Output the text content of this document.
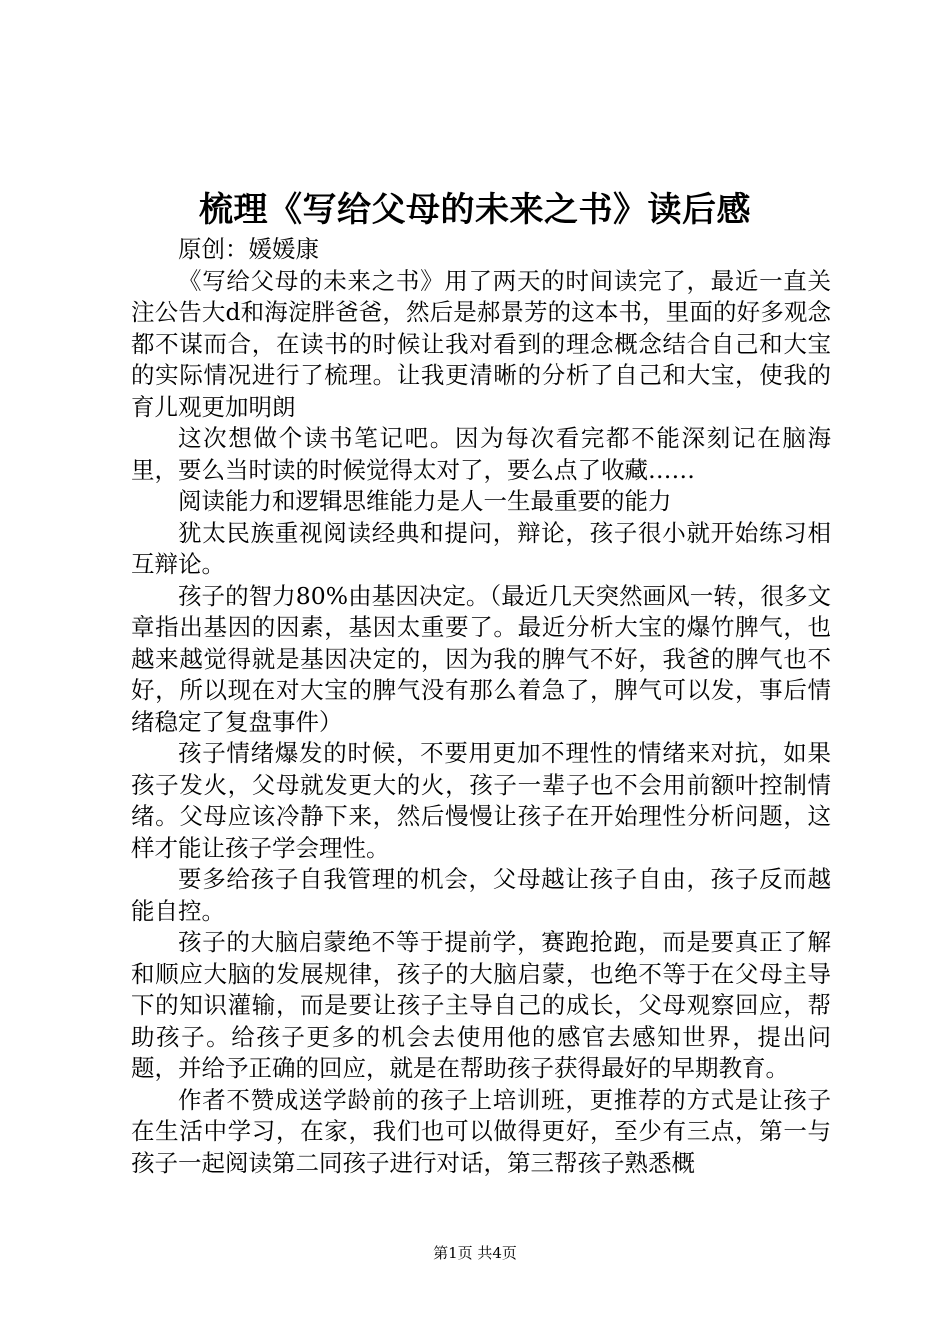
梳理《写给父母的未来之书》读后感

原创：媛媛康

《写给父母的未来之书》用了两天的时间读完了，最近一直关注公告大d和海淀胖爸爸，然后是郝景芳的这本书，里面的好多观念都不谋而合，在读书的时候让我对看到的理念概念结合自己和大宝的实际情况进行了梳理。让我更清晰的分析了自己和大宝，使我的育儿观更加明朗

这次想做个读书笔记吧。因为每次看完都不能深刻记在脑海里，要么当时读的时候觉得太对了，要么点了收藏……

阅读能力和逻辑思维能力是人一生最重要的能力

犹太民族重视阅读经典和提问，辩论，孩子很小就开始练习相互辩论。

孩子的智力80%由基因决定。（最近几天突然画风一转，很多文章指出基因的因素，基因太重要了。最近分析大宝的爆竹脾气，也越来越觉得就是基因决定的，因为我的脾气不好，我爸的脾气也不好，所以现在对大宝的脾气没有那么着急了，脾气可以发，事后情绪稳定了复盘事件）

孩子情绪爆发的时候，不要用更加不理性的情绪来对抗，如果孩子发火，父母就发更大的火，孩子一辈子也不会用前额叶控制情绪。父母应该冷静下来，然后慢慢让孩子在开始理性分析问题，这样才能让孩子学会理性。

要多给孩子自我管理的机会，父母越让孩子自由，孩子反而越能自控。

孩子的大脑启蒙绝不等于提前学，赛跑抢跑，而是要真正了解和顺应大脑的发展规律，孩子的大脑启蒙，也绝不等于在父母主导下的知识灌输，而是要让孩子主导自己的成长，父母观察回应，帮助孩子。给孩子更多的机会去使用他的感官去感知世界，提出问题，并给予正确的回应，就是在帮助孩子获得最好的早期教育。

作者不赞成送学龄前的孩子上培训班，更推荐的方式是让孩子在生活中学习，在家，我们也可以做得更好，至少有三点，第一与孩子一起阅读第二同孩子进行对话，第三帮孩子熟悉概

第1页 共4页
